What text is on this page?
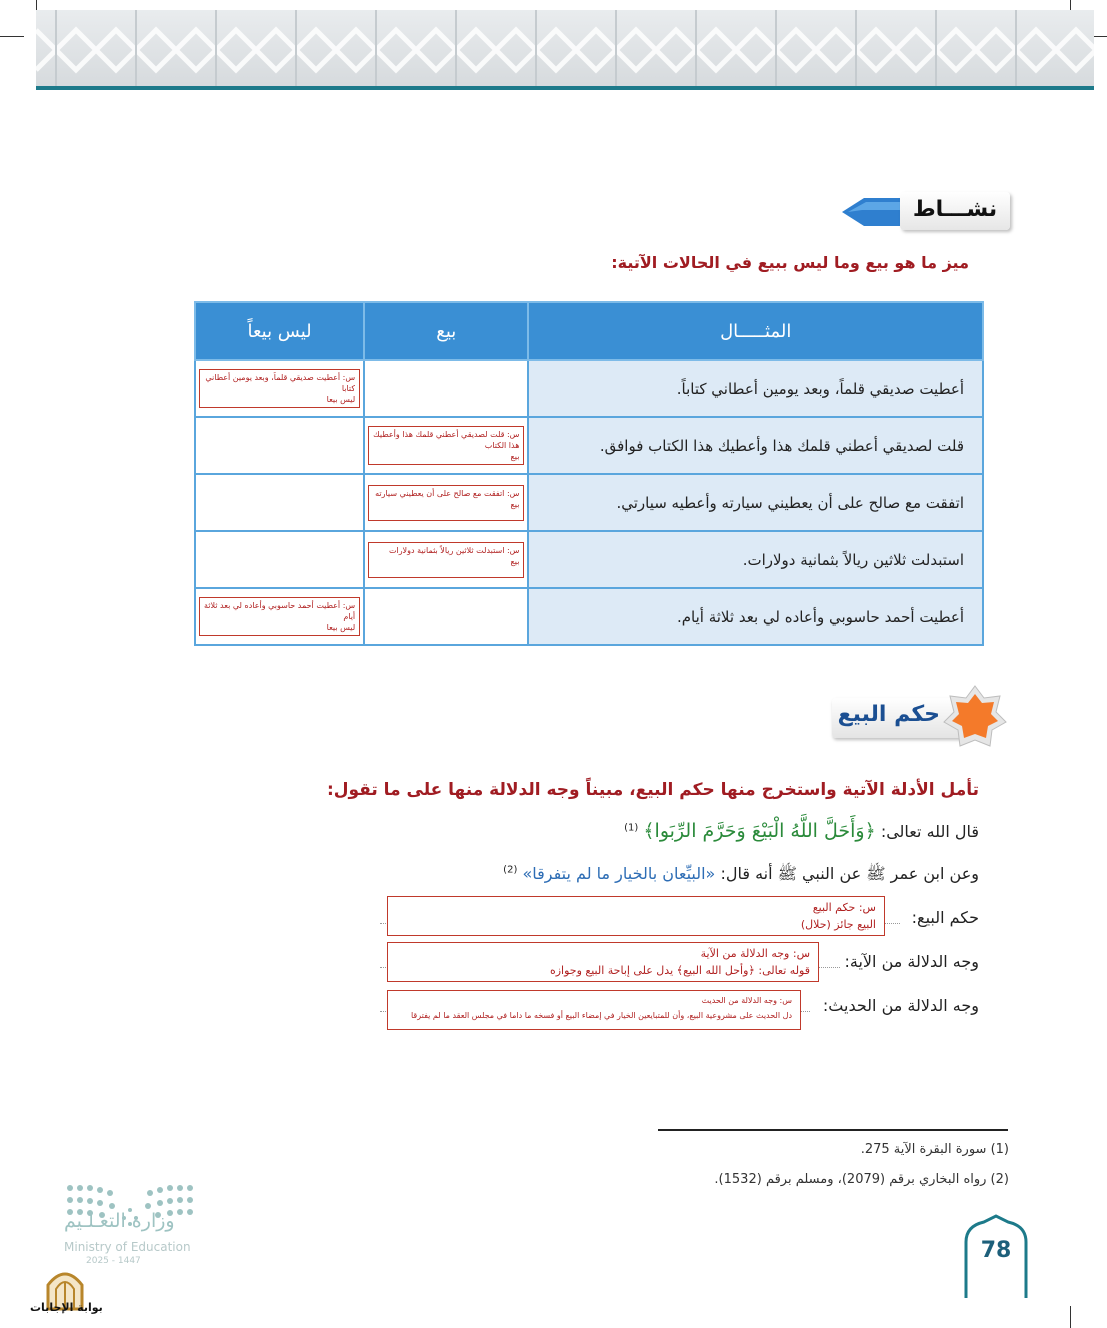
نشـــاط
ميز ما هو بيع وما ليس ببيع في الحالات الآتية:
المثـــــال	بيع	ليس بيعاً
أعطيت صديقي قلماً، وبعد يومين أعطاني كتاباً.		س: أعطيت صديقي قلماً، وبعد يومين أعطاني
كتابا
ليس بيعا

قلت لصديقي أعطني قلمك هذا وأعطيك هذا الكتاب فوافق.	س: قلت لصديقي أعطني قلمك هذا وأعطيك
هذا الكتاب
بيع	

اتفقت مع صالح على أن يعطيني سيارته وأعطيه سيارتي.	س: اتفقت مع صالح على أن يعطيني سيارته
بيع	

استبدلت ثلاثين ريالاً بثمانية دولارات.	س: استبدلت ثلاثين ريالاً بثمانية دولارات
بيع	

أعطيت أحمد حاسوبي وأعاده لي بعد ثلاثة أيام.		س: أعطيت أحمد حاسوبي وأعاده لي بعد ثلاثة
أيام
ليس بيعا
حكم البيع
تأمل الأدلة الآتية واستخرج منها حكم البيع، مبيناً وجه الدلالة منها على ما تقول:
قال الله تعالى: ﴿وَأَحَلَّ اللَّهُ الْبَيْعَ وَحَرَّمَ الرِّبَوا﴾ $^{(1)}$
وعن ابن عمر ﷺ عن النبي ﷺ أنه قال: «البيِّعان بالخيار ما لم يتفرقا» $^{(2)}$
حكم البيع:
س: حكم البيع
البيع جائز (حلال)
وجه الدلالة من الآية:
س: وجه الدلالة من الآية
قوله تعالى: ﴿وأحل الله البيع﴾ يدل على إباحة البيع وجوازه
وجه الدلالة من الحديث:
س: وجه الدلالة من الحديث
دل الحديث على مشروعية البيع، وأن للمتبايعين الخيار في إمضاء البيع أو فسخه ما داما في مجلس العقد ما لم يفترقا
(1) سورة البقرة الآية 275.
(2) رواه البخاري برقم (2079)، ومسلم برقم (1532).
وزارة التعـلـيم
Ministry of Education
2025 - 1447
بوابة الإجابات
78
